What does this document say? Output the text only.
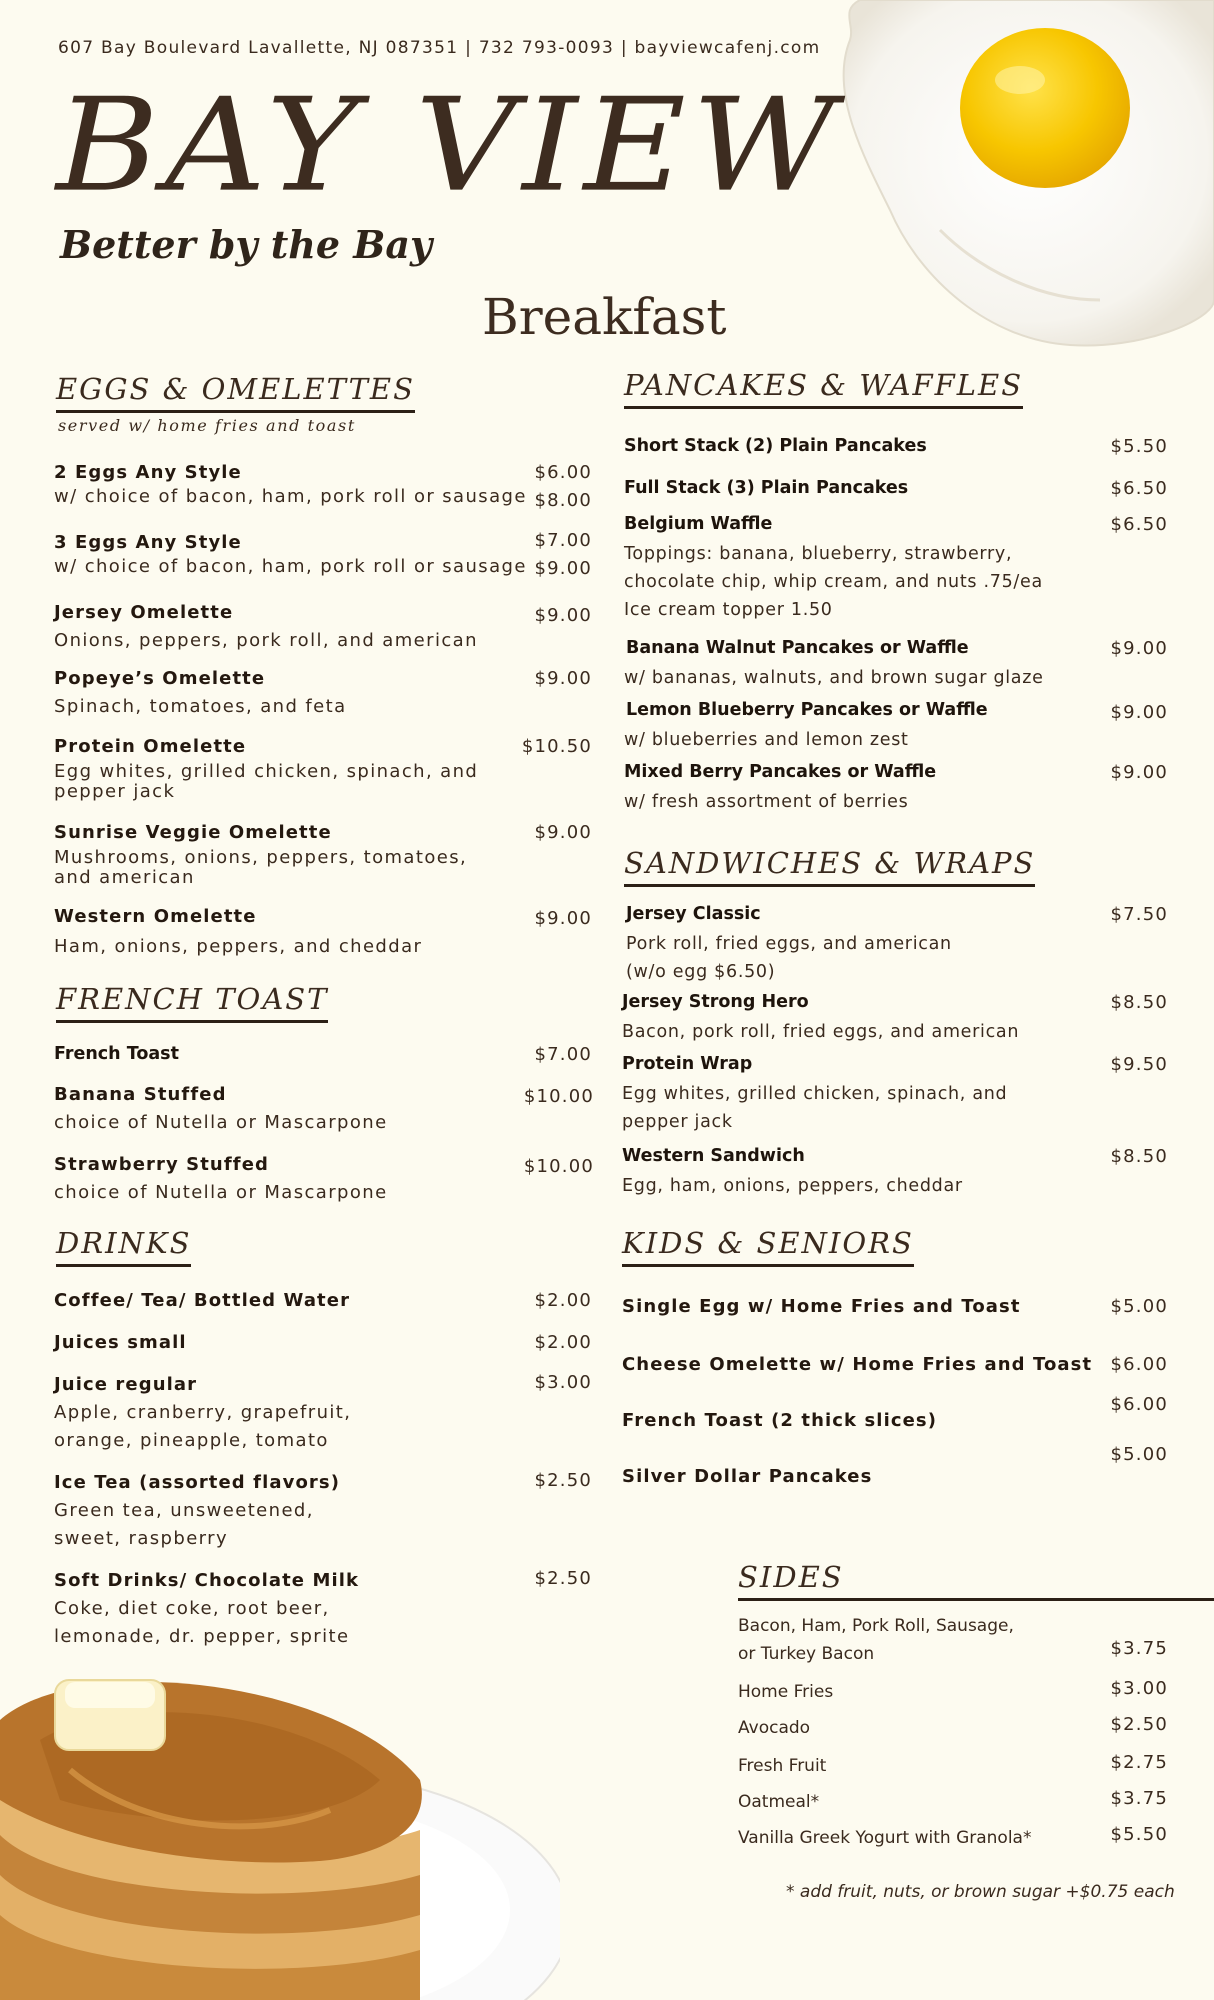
607 Bay Boulevard Lavallette, NJ 087351 | 732 793-0093 | bayviewcafenj.com
BAY VIEW
Better by the Bay
Breakfast
EGGS & OMELETTES
served w/ home fries and toast
2 Eggs Any Style
w/ choice of bacon, ham, pork roll or sausage
$6.00
$8.00
3 Eggs Any Style
w/ choice of bacon, ham, pork roll or sausage
$7.00
$9.00
Jersey Omelette
Onions, peppers, pork roll, and american
$9.00
Popeye’s Omelette
Spinach, tomatoes, and feta
$9.00
Protein Omelette
Egg whites, grilled chicken, spinach, and pepper jack
$10.50
Sunrise Veggie Omelette
Mushrooms, onions, peppers, tomatoes, and american
$9.00
Western Omelette
Ham, onions, peppers, and cheddar
$9.00
FRENCH TOAST
French Toast	$7.00
Banana Stuffed
choice of Nutella or Mascarpone
$10.00
Strawberry Stuffed
choice of Nutella or Mascarpone
$10.00
DRINKS
Coffee/ Tea/ Bottled Water	$2.00
Juices small	$2.00
Juice regular
Apple, cranberry, grapefruit,
orange, pineapple, tomato
$3.00
Ice Tea (assorted flavors)
Green tea, unsweetened,
sweet, raspberry
$2.50
Soft Drinks/ Chocolate Milk
Coke, diet coke, root beer,
lemonade, dr. pepper, sprite
$2.50
PANCAKES & WAFFLES
Short Stack (2) Plain Pancakes	$5.50
Full Stack (3) Plain Pancakes	$6.50
Belgium Waffle
Toppings: banana, blueberry, strawberry,
chocolate chip, whip cream, and nuts .75/ea
Ice cream topper 1.50
$6.50
Banana Walnut Pancakes or Waffle
w/ bananas, walnuts, and brown sugar glaze
$9.00
Lemon Blueberry Pancakes or Waffle
w/ blueberries and lemon zest
$9.00
Mixed Berry Pancakes or Waffle
w/ fresh assortment of berries
$9.00
SANDWICHES & WRAPS
Jersey Classic
Pork roll, fried eggs, and american
(w/o egg $6.50)
$7.50
Jersey Strong Hero
Bacon, pork roll, fried eggs, and american
$8.50
Protein Wrap
Egg whites, grilled chicken, spinach, and
pepper jack
$9.50
Western Sandwich
Egg, ham, onions, peppers, cheddar
$8.50
KIDS & SENIORS
Single Egg w/ Home Fries and Toast	$5.00
Cheese Omelette w/ Home Fries and Toast	$6.00
French Toast (2 thick slices)
$6.00
Silver Dollar Pancakes
$5.00
SIDES
Bacon, Ham, Pork Roll, Sausage,
or Turkey Bacon	$3.75
Home Fries	$3.00
Avocado	$2.50
Fresh Fruit	$2.75
Oatmeal*	$3.75
Vanilla Greek Yogurt with Granola*	$5.50
* add fruit, nuts, or brown sugar +$0.75 each
